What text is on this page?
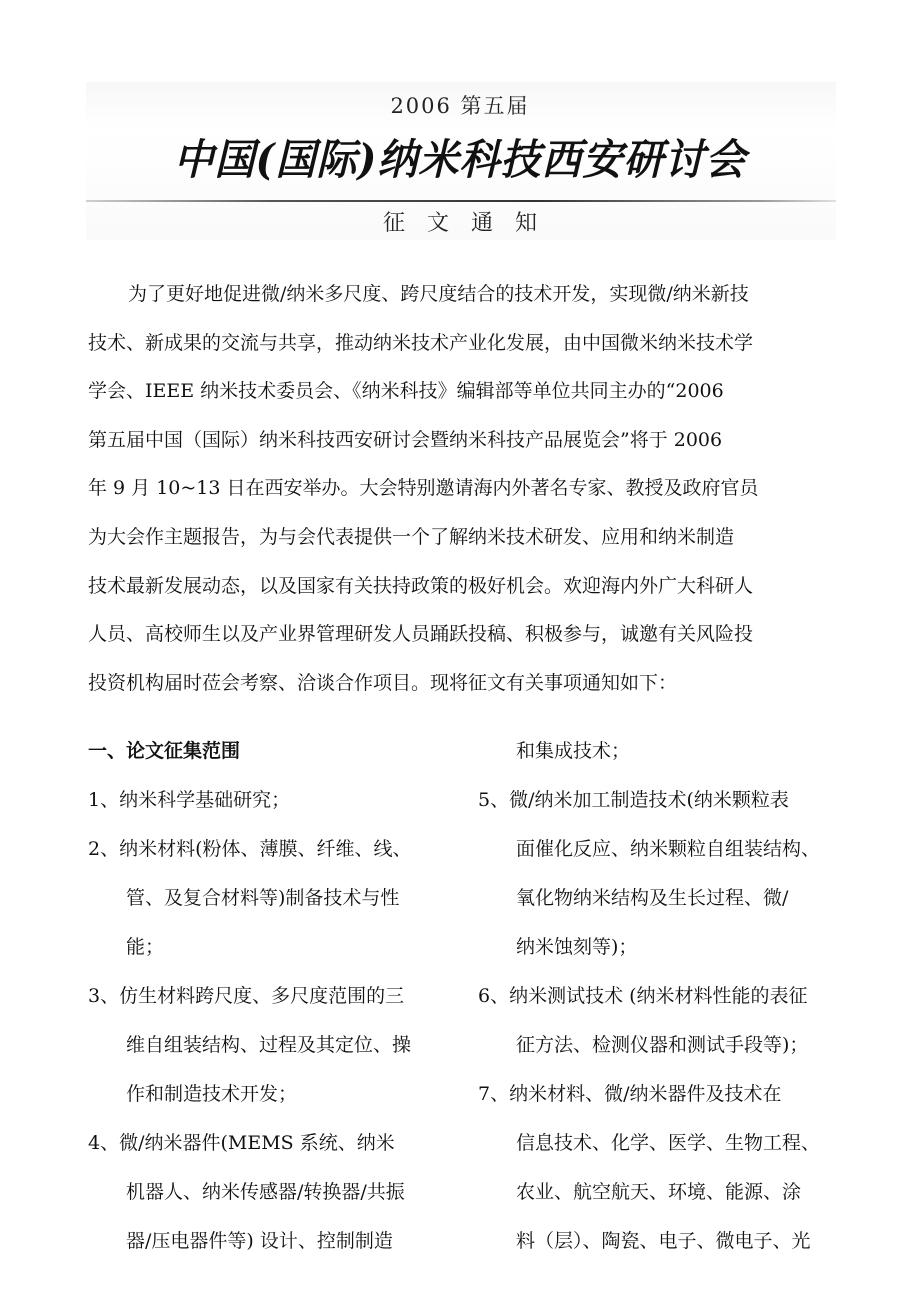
2006 第五届
中国(国际)纳米科技西安研讨会
征文通知

为了更好地促进微/纳米多尺度、跨尺度结合的技术开发，实现微/纳米新技

技术、新成果的交流与共享，推动纳米技术产业化发展，由中国微米纳米技术学

学会、IEEE 纳米技术委员会、《纳米科技》编辑部等单位共同主办的“2006

第五届中国（国际）纳米科技西安研讨会暨纳米科技产品展览会”将于 2006

年 9 月 10~13 日在西安举办。大会特别邀请海内外著名专家、教授及政府官员

为大会作主题报告，为与会代表提供一个了解纳米技术研发、应用和纳米制造

技术最新发展动态，以及国家有关扶持政策的极好机会。欢迎海内外广大科研人

人员、高校师生以及产业界管理研发人员踊跃投稿、积极参与，诚邀有关风险投

投资机构届时莅会考察、洽谈合作项目。现将征文有关事项通知如下：

一、论文征集范围
1、纳米科学基础研究；
2、纳米材料(粉体、薄膜、纤维、线、
管、及复合材料等)制备技术与性
能；
3、仿生材料跨尺度、多尺度范围的三
维自组装结构、过程及其定位、操
作和制造技术开发；
4、微/纳米器件(MEMS 系统、纳米
机器人、纳米传感器/转换器/共振
器/压电器件等) 设计、控制制造
和集成技术；
5、微/纳米加工制造技术(纳米颗粒表
面催化反应、纳米颗粒自组装结构、
氧化物纳米结构及生长过程、微/
纳米蚀刻等)；
6、纳米测试技术 (纳米材料性能的表征
征方法、检测仪器和测试手段等)；
7、纳米材料、微/纳米器件及技术在
信息技术、化学、医学、生物工程、
农业、航空航天、环境、能源、涂
料（层）、陶瓷、电子、微电子、光
